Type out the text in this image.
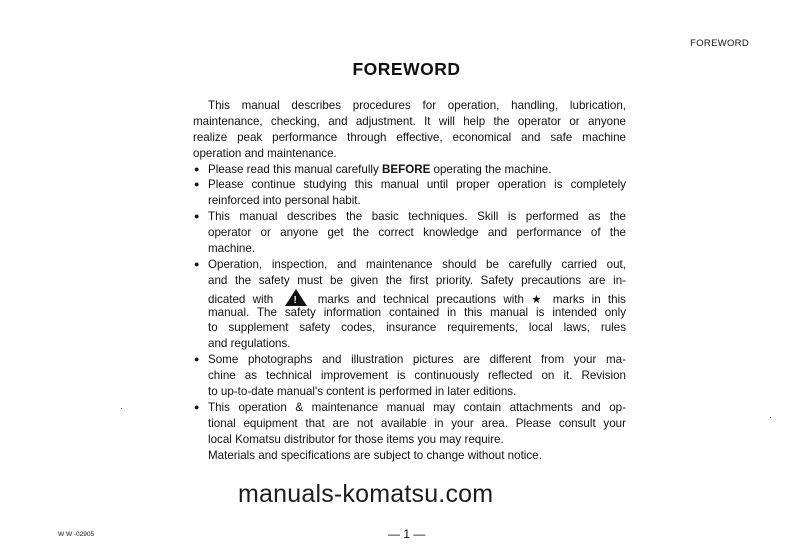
FOREWORD
FOREWORD
This manual describes procedures for operation, handling, lubrication,
maintenance, checking, and adjustment. It will help the operator or anyone
realize peak performance through effective, economical and safe machine
operation and maintenance.
● Please read this manual carefully BEFORE operating the machine.
● Please continue studying this manual until proper operation is completely
reinforced into personal habit.
● This manual describes the basic techniques. Skill is performed as the
operator or anyone get the correct knowledge and performance of the
machine.
● Operation, inspection, and maintenance should be carefully carried out,
and the safety must be given the first priority. Safety precautions are in-
dicated with ! marks and technical precautions with ★ marks in this
manual. The safety information contained in this manual is intended only
to supplement safety codes, insurance requirements, local laws, rules
and regulations.
● Some photographs and illustration pictures are different from your ma-
chine as technical improvement is continuously reflected on it. Revision
to up-to-date manual's content is performed in later editions.
● This operation & maintenance manual may contain attachments and op-
tional equipment that are not available in your area. Please consult your
local Komatsu distributor for those items you may require.
Materials and specifications are subject to change without notice.
manuals-komatsu.com
W W -02905	— 1 —
